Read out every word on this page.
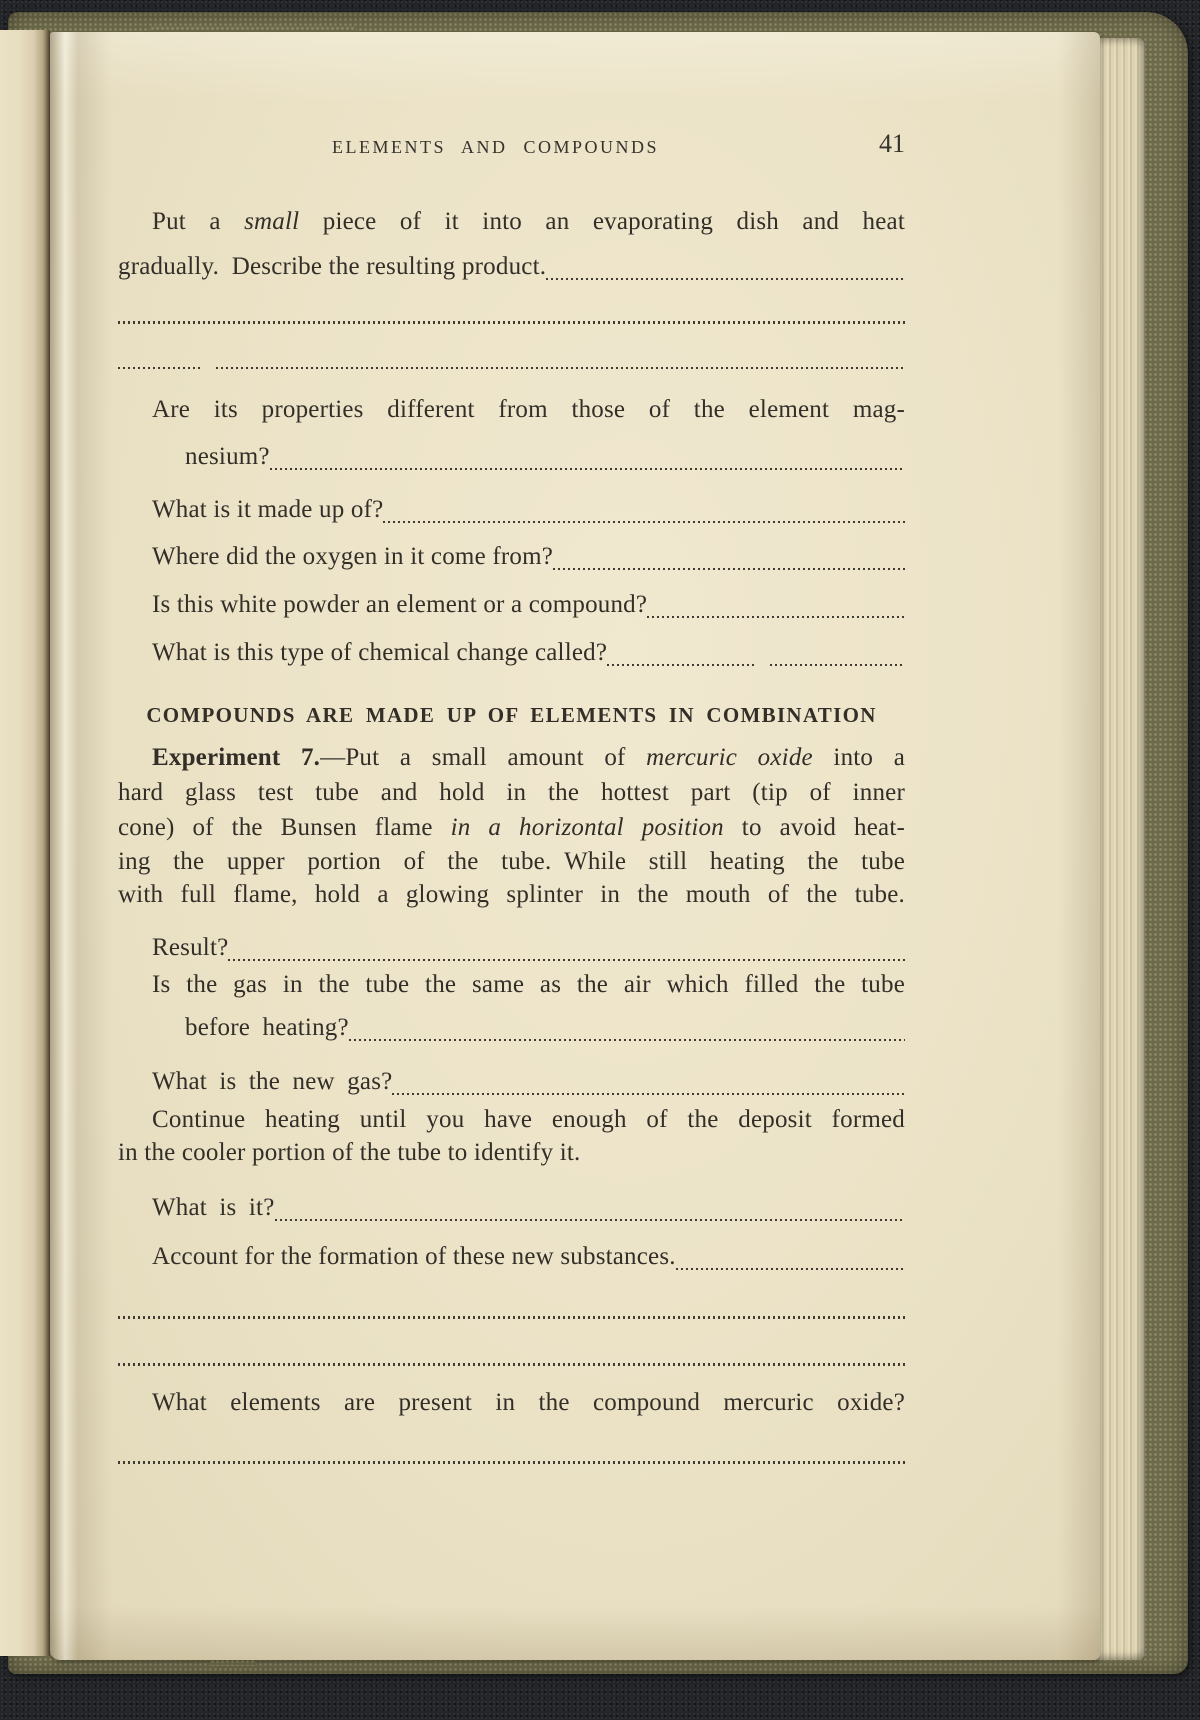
ELEMENTS AND COMPOUNDS	41
Put a small piece of it into an evaporating dish and heat
gradually. Describe the resulting product.
Are its properties different from those of the element mag-
nesium?
What is it made up of?
Where did the oxygen in it come from?
Is this white powder an element or a compound?
What is this type of chemical change called?
COMPOUNDS ARE MADE UP OF ELEMENTS IN COMBINATION
Experiment 7.—Put a small amount of mercuric oxide into a
hard glass test tube and hold in the hottest part (tip of inner
cone) of the Bunsen flame in a horizontal position to avoid heat-
ing the upper portion of the tube. While still heating the tube
with full flame, hold a glowing splinter in the mouth of the tube.
Result?
Is the gas in the tube the same as the air which filled the tube
before heating?
What is the new gas?
Continue heating until you have enough of the deposit formed
in the cooler portion of the tube to identify it.
What is it?
Account for the formation of these new substances.
What elements are present in the compound mercuric oxide?
